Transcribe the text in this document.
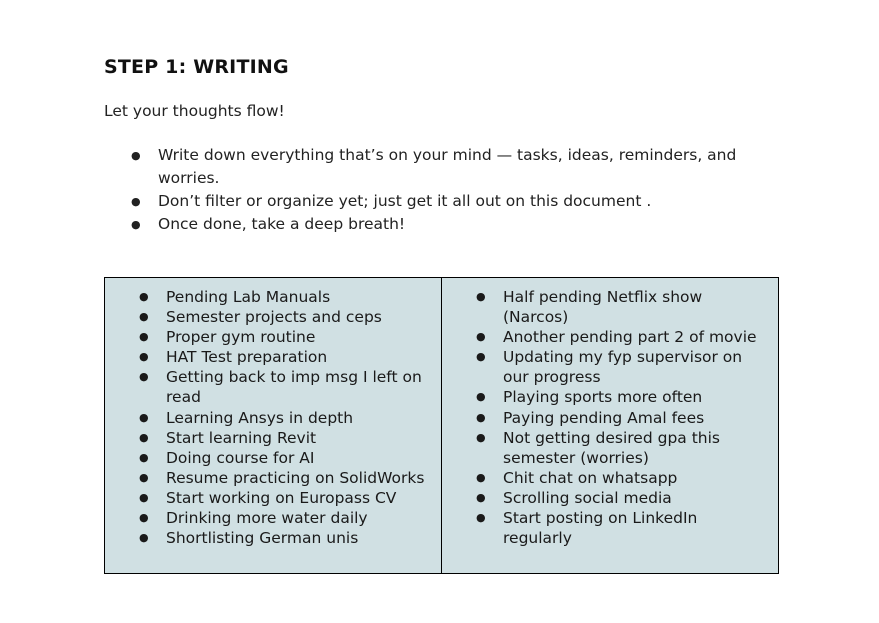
STEP 1: WRITING

Let your thoughts flow!

● Write down everything that’s on your mind — tasks, ideas, reminders, and worries.
● Don’t filter or organize yet; just get it all out on this document .
● Once done, take a deep breath!
● Pending Lab Manuals
● Semester projects and ceps
● Proper gym routine
● HAT Test preparation
● Getting back to imp msg I left on read
● Learning Ansys in depth
● Start learning Revit
● Doing course for AI
● Resume practicing on SolidWorks
● Start working on Europass CV
● Drinking more water daily
● Shortlisting German unis
● Half pending Netflix show (Narcos)
● Another pending part 2 of movie
● Updating my fyp supervisor on our progress
● Playing sports more often
● Paying pending Amal fees
● Not getting desired gpa this semester (worries)
● Chit chat on whatsapp
● Scrolling social media
● Start posting on LinkedIn regularly
